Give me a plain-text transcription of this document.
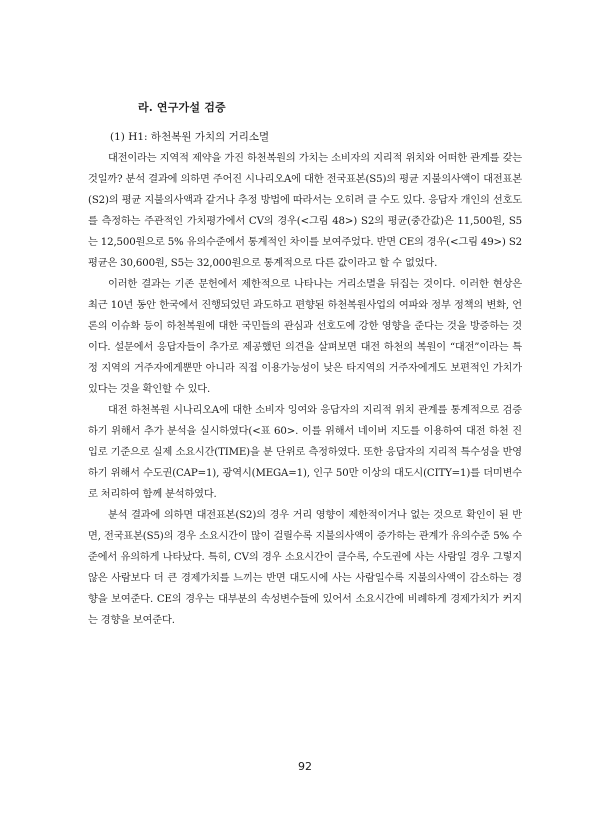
라. 연구가설 검증
(1) H1: 하천복원 가치의 거리소멸

대전이라는 지역적 제약을 가진 하천복원의 가치는 소비자의 지리적 위치와 어떠한 관계를 갖는 것일까? 분석 결과에 의하면 주어진 시나리오A에 대한 전국표본(S5)의 평균 지불의사액이 대전표본(S2)의 평균 지불의사액과 같거나 추정 방법에 따라서는 오히려 클 수도 있다. 응답자 개인의 선호도를 측정하는 주관적인 가치평가에서 CV의 경우(<그림 48>) S2의 평균(중간값)은 11,500원, S5는 12,500원으로 5% 유의수준에서 통계적인 차이를 보여주었다. 반면 CE의 경우(<그림 49>) S2 평균은 30,600원, S5는 32,000원으로 통계적으로 다른 값이라고 할 수 없었다.

이러한 결과는 기존 문헌에서 제한적으로 나타나는 거리소멸을 뒤집는 것이다. 이러한 현상은 최근 10년 동안 한국에서 진행되었던 과도하고 편향된 하천복원사업의 여파와 정부 정책의 변화, 언론의 이슈화 등이 하천복원에 대한 국민들의 관심과 선호도에 강한 영향을 준다는 것을 방증하는 것이다. 설문에서 응답자들이 추가로 제공했던 의견을 살펴보면 대전 하천의 복원이 “대전”이라는 특정 지역의 거주자에게뿐만 아니라 직접 이용가능성이 낮은 타지역의 거주자에게도 보편적인 가치가 있다는 것을 확인할 수 있다.

대전 하천복원 시나리오A에 대한 소비자 잉여와 응답자의 지리적 위치 관계를 통계적으로 검증하기 위해서 추가 분석을 실시하였다(<표 60>. 이를 위해서 네이버 지도를 이용하여 대전 하천 진입로 기준으로 실제 소요시간(TIME)을 분 단위로 측정하였다. 또한 응답자의 지리적 특수성을 반영하기 위해서 수도권(CAP=1), 광역시(MEGA=1), 인구 50만 이상의 대도시(CITY=1)를 더미변수로 처리하여 함께 분석하였다.

분석 결과에 의하면 대전표본(S2)의 경우 거리 영향이 제한적이거나 없는 것으로 확인이 된 반면, 전국표본(S5)의 경우 소요시간이 많이 걸릴수록 지불의사액이 증가하는 관계가 유의수준 5% 수준에서 유의하게 나타났다. 특히, CV의 경우 소요시간이 클수록, 수도권에 사는 사람일 경우 그렇지 않은 사람보다 더 큰 경제가치를 느끼는 반면 대도시에 사는 사람일수록 지불의사액이 감소하는 경향을 보여준다. CE의 경우는 대부분의 속성변수들에 있어서 소요시간에 비례하게 경제가치가 커지는 경향을 보여준다.

92
